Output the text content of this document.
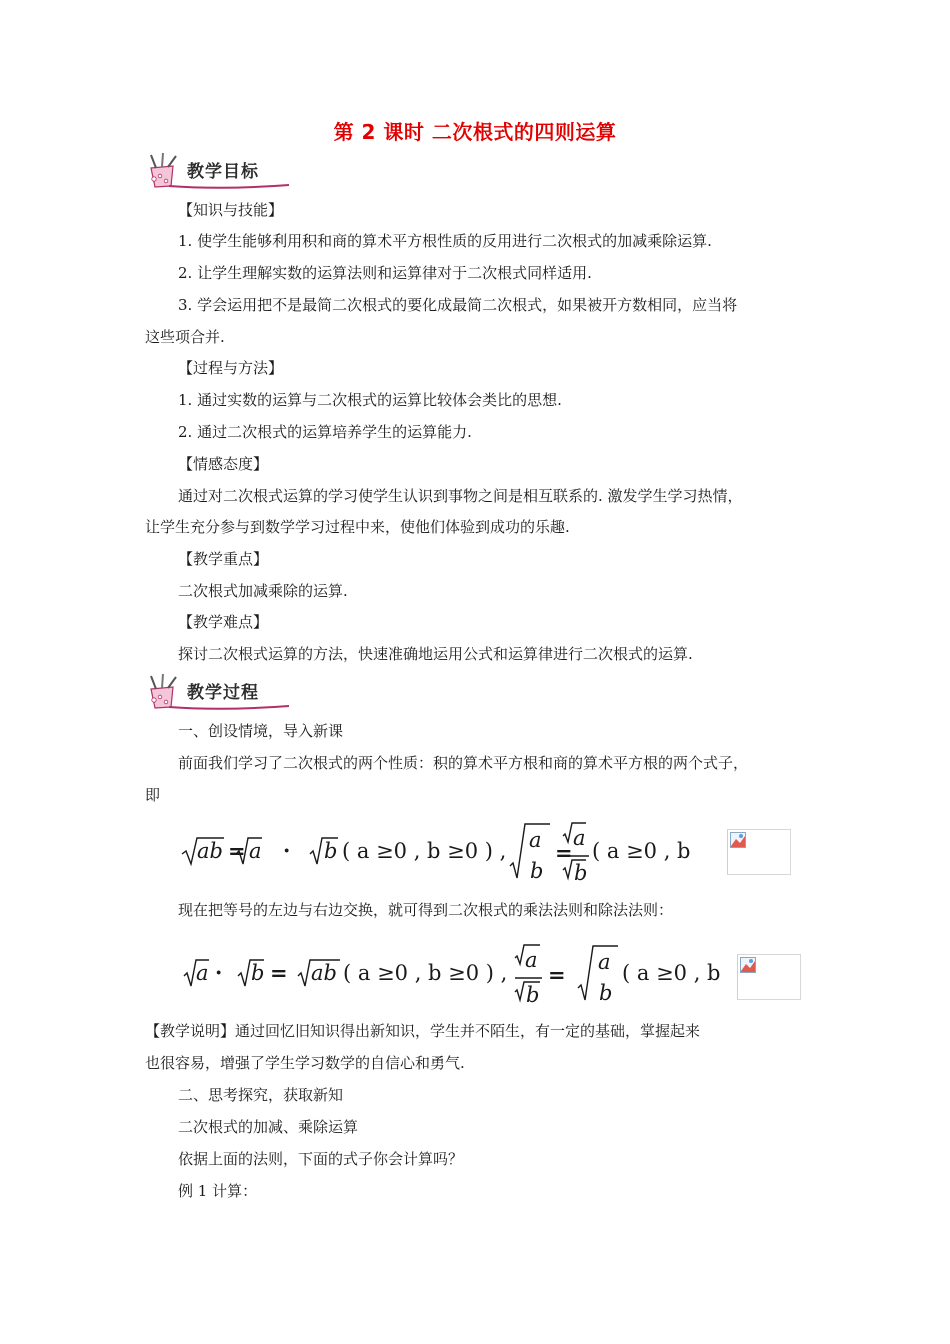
第 2 课时 二次根式的四则运算
教学目标
【知识与技能】
1. 使学生能够利用积和商的算术平方根性质的反用进行二次根式的加减乘除运算.
2. 让学生理解实数的运算法则和运算律对于二次根式同样适用.
3. 学会运用把不是最简二次根式的要化成最简二次根式，如果被开方数相同，应当将
这些项合并.
【过程与方法】
1. 通过实数的运算与二次根式的运算比较体会类比的思想.
2. 通过二次根式的运算培养学生的运算能力.
【情感态度】
通过对二次根式运算的学习使学生认识到事物之间是相互联系的. 激发学生学习热情，
让学生充分参与到数学学习过程中来，使他们体验到成功的乐趣.
【教学重点】
二次根式加减乘除的运算.
【教学难点】
探讨二次根式运算的方法，快速准确地运用公式和运算律进行二次根式的运算.
教学过程
一、创设情境，导入新课
前面我们学习了二次根式的两个性质：积的算术平方根和商的算术平方根的两个式子，
即
ab a	b	a
b
a
b
= · ( a ≥0 , b ≥0 ) , = ( a ≥0 , b
现在把等号的左边与右边交换，就可得到二次根式的乘法法则和除法法则：
a b ab
a
b
a
b
· =	( a ≥0 , b ≥0 ) , =	( a ≥0 , b
【教学说明】通过回忆旧知识得出新知识，学生并不陌生，有一定的基础，掌握起来
也很容易，增强了学生学习数学的自信心和勇气.
二、思考探究，获取新知
二次根式的加减、乘除运算
依据上面的法则，下面的式子你会计算吗？
例 1 计算：
